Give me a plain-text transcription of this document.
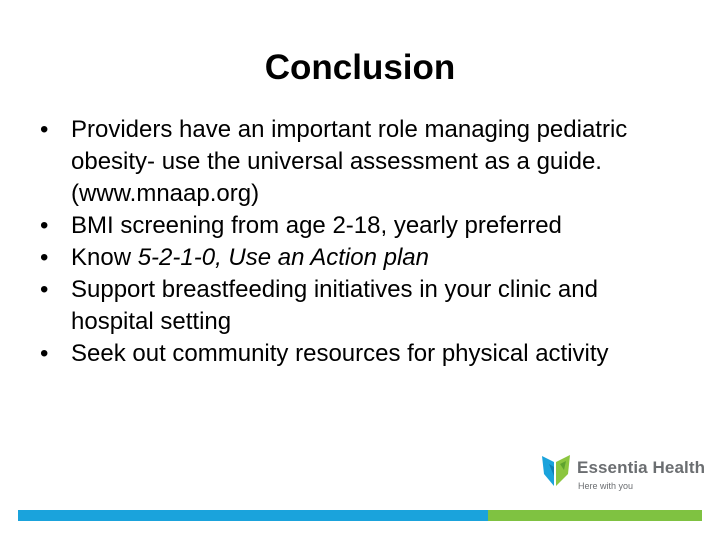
Conclusion
• Providers have an important role managing pediatric obesity- use the universal assessment as a guide. (www.mnaap.org)
• BMI screening from age 2-18, yearly preferred
• Know 5-2-1-0, Use an Action plan
• Support breastfeeding initiatives in your clinic and hospital setting
• Seek out community resources for physical activity
Essentia Health
Here with you
